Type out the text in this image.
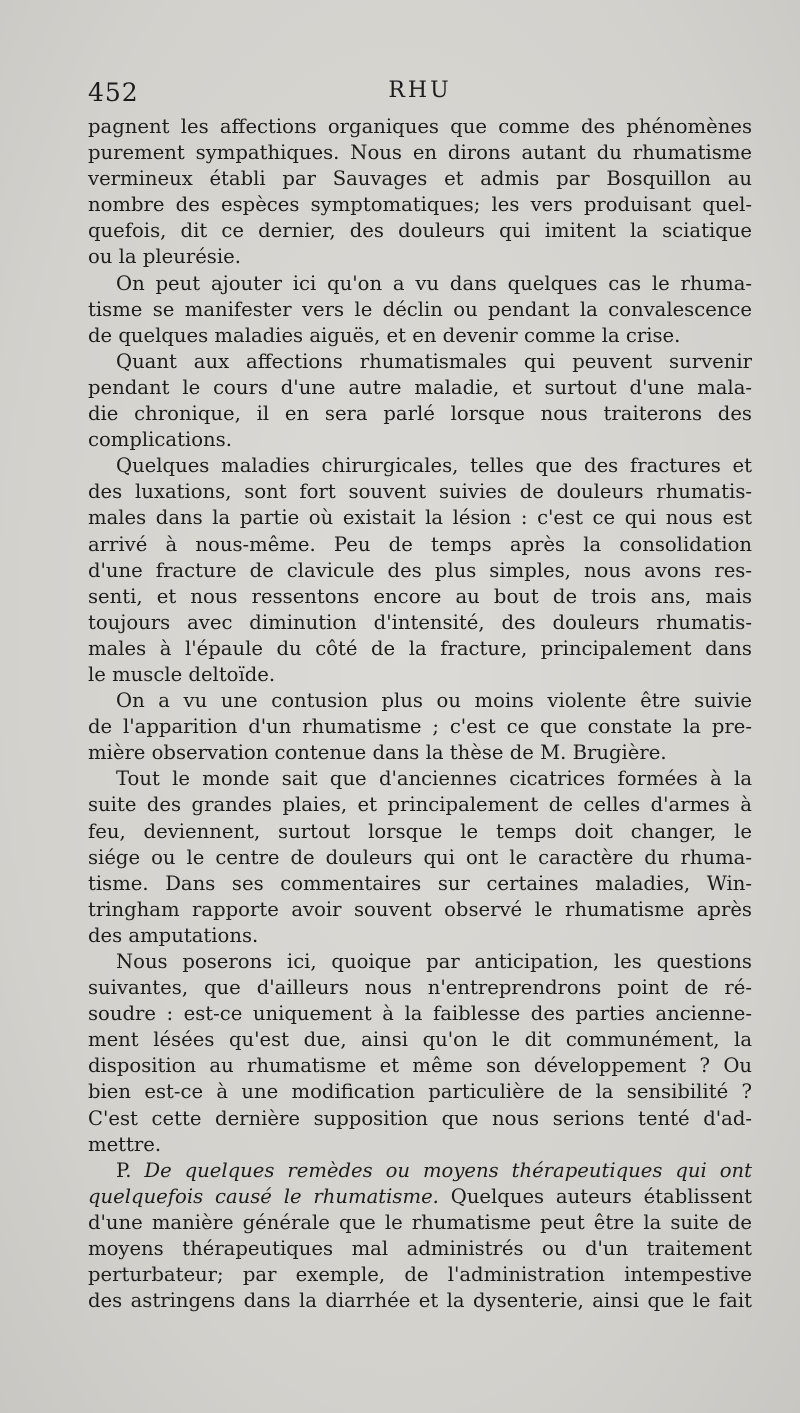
452	RHU
pagnent les affections organiques que comme des phénomènes
purement sympathiques. Nous en dirons autant du rhumatisme
vermineux établi par Sauvages et admis par Bosquillon au
nombre des espèces symptomatiques; les vers produisant quel-
quefois, dit ce dernier, des douleurs qui imitent la sciatique
ou la pleurésie.
On peut ajouter ici qu'on a vu dans quelques cas le rhuma-
tisme se manifester vers le déclin ou pendant la convalescence
de quelques maladies aiguës, et en devenir comme la crise.
Quant aux affections rhumatismales qui peuvent survenir
pendant le cours d'une autre maladie, et surtout d'une mala-
die chronique, il en sera parlé lorsque nous traiterons des
complications.
Quelques maladies chirurgicales, telles que des fractures et
des luxations, sont fort souvent suivies de douleurs rhumatis-
males dans la partie où existait la lésion : c'est ce qui nous est
arrivé à nous-même. Peu de temps après la consolidation
d'une fracture de clavicule des plus simples, nous avons res-
senti, et nous ressentons encore au bout de trois ans, mais
toujours avec diminution d'intensité, des douleurs rhumatis-
males à l'épaule du côté de la fracture, principalement dans
le muscle deltoïde.
On a vu une contusion plus ou moins violente être suivie
de l'apparition d'un rhumatisme ; c'est ce que constate la pre-
mière observation contenue dans la thèse de M. Brugière.
Tout le monde sait que d'anciennes cicatrices formées à la
suite des grandes plaies, et principalement de celles d'armes à
feu, deviennent, surtout lorsque le temps doit changer, le
siége ou le centre de douleurs qui ont le caractère du rhuma-
tisme. Dans ses commentaires sur certaines maladies, Win-
tringham rapporte avoir souvent observé le rhumatisme après
des amputations.
Nous poserons ici, quoique par anticipation, les questions
suivantes, que d'ailleurs nous n'entreprendrons point de ré-
soudre : est-ce uniquement à la faiblesse des parties ancienne-
ment lésées qu'est due, ainsi qu'on le dit communément, la
disposition au rhumatisme et même son développement ? Ou
bien est-ce à une modification particulière de la sensibilité ?
C'est cette dernière supposition que nous serions tenté d'ad-
mettre.
P. De quelques remèdes ou moyens thérapeutiques qui ont
quelquefois causé le rhumatisme. Quelques auteurs établissent
d'une manière générale que le rhumatisme peut être la suite de
moyens thérapeutiques mal administrés ou d'un traitement
perturbateur; par exemple, de l'administration intempestive
des astringens dans la diarrhée et la dysenterie, ainsi que le fait
